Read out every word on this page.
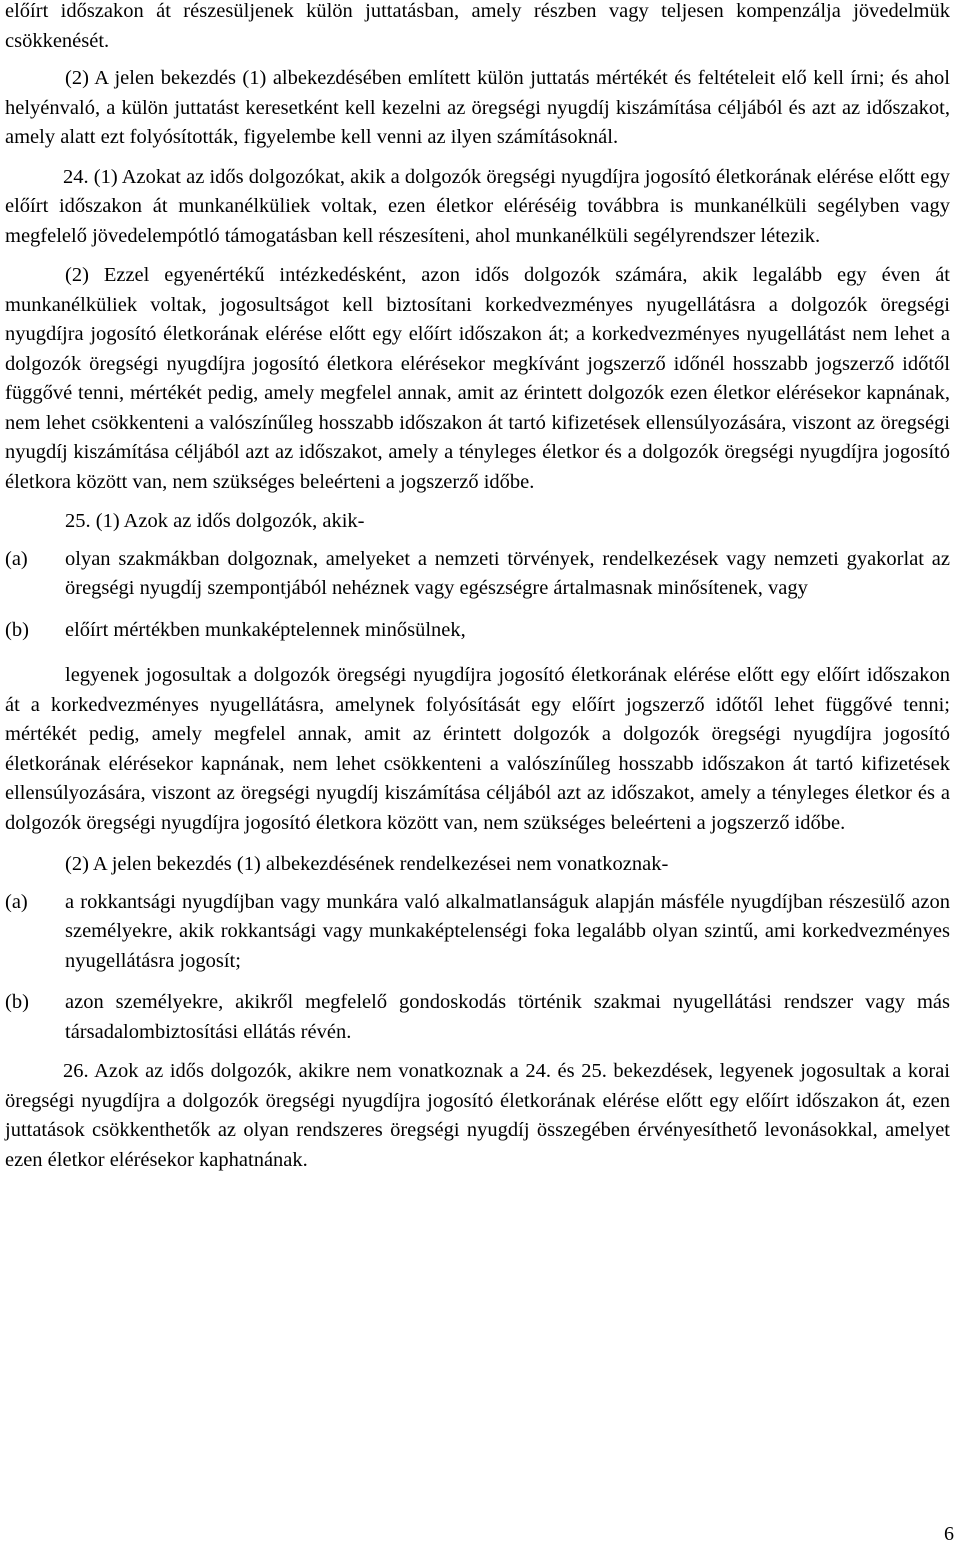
előírt időszakon át részesüljenek külön juttatásban, amely részben vagy teljesen kompenzálja jövedelmük csökkenését.

(2) A jelen bekezdés (1) albekezdésében említett külön juttatás mértékét és feltételeit elő kell írni; és ahol helyénvaló, a külön juttatást keresetként kell kezelni az öregségi nyugdíj kiszámítása céljából és azt az időszakot, amely alatt ezt folyósították, figyelembe kell venni az ilyen számításoknál.

24. (1) Azokat az idős dolgozókat, akik a dolgozók öregségi nyugdíjra jogosító életkorának elérése előtt egy előírt időszakon át munkanélküliek voltak, ezen életkor eléréséig továbbra is munkanélküli segélyben vagy megfelelő jövedelempótló támogatásban kell részesíteni, ahol munkanélküli segélyrendszer létezik.

(2) Ezzel egyenértékű intézkedésként, azon idős dolgozók számára, akik legalább egy éven át munkanélküliek voltak, jogosultságot kell biztosítani korkedvezményes nyugellátásra a dolgozók öregségi nyugdíjra jogosító életkorának elérése előtt egy előírt időszakon át; a korkedvezményes nyugellátást nem lehet a dolgozók öregségi nyugdíjra jogosító életkora elérésekor megkívánt jogszerző időnél hosszabb jogszerző időtől függővé tenni, mértékét pedig, amely megfelel annak, amit az érintett dolgozók ezen életkor elérésekor kapnának, nem lehet csökkenteni a valószínűleg hosszabb időszakon át tartó kifizetések ellensúlyozására, viszont az öregségi nyugdíj kiszámítása céljából azt az időszakot, amely a tényleges életkor és a dolgozók öregségi nyugdíjra jogosító életkora között van, nem szükséges beleérteni a jogszerző időbe.

25. (1) Azok az idős dolgozók, akik-

(a)	olyan szakmákban dolgoznak, amelyeket a nemzeti törvények, rendelkezések vagy nemzeti gyakorlat az öregségi nyugdíj szempontjából nehéznek vagy egészségre ártalmasnak minősítenek, vagy
(b)	előírt mértékben munkaképtelennek minősülnek,

legyenek jogosultak a dolgozók öregségi nyugdíjra jogosító életkorának elérése előtt egy előírt időszakon át a korkedvezményes nyugellátásra, amelynek folyósítását egy előírt jogszerző időtől lehet függővé tenni; mértékét pedig, amely megfelel annak, amit az érintett dolgozók a dolgozók öregségi nyugdíjra jogosító életkorának elérésekor kapnának, nem lehet csökkenteni a valószínűleg hosszabb időszakon át tartó kifizetések ellensúlyozására, viszont az öregségi nyugdíj kiszámítása céljából azt az időszakot, amely a tényleges életkor és a dolgozók öregségi nyugdíjra jogosító életkora között van, nem szükséges beleérteni a jogszerző időbe.

(2) A jelen bekezdés (1) albekezdésének rendelkezései nem vonatkoznak-

(a)	a rokkantsági nyugdíjban vagy munkára való alkalmatlanságuk alapján másféle nyugdíjban részesülő azon személyekre, akik rokkantsági vagy munkaképtelenségi foka legalább olyan szintű, ami korkedvezményes nyugellátásra jogosít;
(b)	azon személyekre, akikről megfelelő gondoskodás történik szakmai nyugellátási rendszer vagy más társadalombiztosítási ellátás révén.

26. Azok az idős dolgozók, akikre nem vonatkoznak a 24. és 25. bekezdések, legyenek jogosultak a korai öregségi nyugdíjra a dolgozók öregségi nyugdíjra jogosító életkorának elérése előtt egy előírt időszakon át, ezen juttatások csökkenthetők az olyan rendszeres öregségi nyugdíj összegében érvényesíthető levonásokkal, amelyet ezen életkor elérésekor kaphatnának.

6
